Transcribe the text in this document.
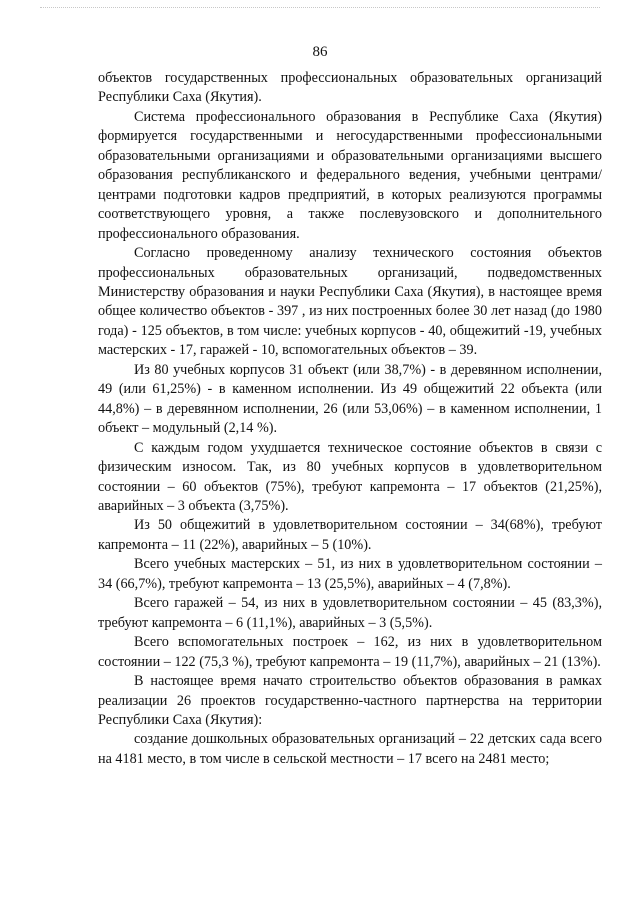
86

объектов государственных профессиональных образовательных организаций Республики Саха (Якутия).

Система профессионального образования в Республике Саха (Якутия) формируется государственными и негосударственными профессиональными образовательными организациями и образовательными организациями высшего образования республиканского и федерального ведения, учебными центрами/центрами подготовки кадров предприятий, в которых реализуются программы соответствующего уровня, а также послевузовского и дополнительного профессионального образования.

Согласно проведенному анализу технического состояния объектов профессиональных образовательных организаций, подведомственных Министерству образования и науки Республики Саха (Якутия), в настоящее время общее количество объектов - 397 , из них построенных более 30 лет назад (до 1980 года) - 125 объектов, в том числе: учебных корпусов - 40, общежитий -19, учебных мастерских - 17, гаражей - 10, вспомогательных объектов – 39.

Из 80 учебных корпусов 31 объект (или 38,7%) - в деревянном исполнении, 49 (или 61,25%) - в каменном исполнении. Из 49 общежитий 22 объекта (или 44,8%) – в деревянном исполнении, 26 (или 53,06%) – в каменном исполнении, 1 объект – модульный (2,14 %).

С каждым годом ухудшается техническое состояние объектов в связи с физическим износом. Так, из 80 учебных корпусов в удовлетворительном состоянии – 60 объектов (75%), требуют капремонта – 17 объектов (21,25%), аварийных – 3 объекта (3,75%).

Из 50 общежитий в удовлетворительном состоянии – 34(68%), требуют капремонта – 11 (22%), аварийных – 5 (10%).

Всего учебных мастерских – 51, из них в удовлетворительном состоянии – 34 (66,7%), требуют капремонта – 13 (25,5%), аварийных – 4 (7,8%).

Всего гаражей – 54, из них в удовлетворительном состоянии – 45 (83,3%), требуют капремонта – 6 (11,1%), аварийных – 3 (5,5%).

Всего вспомогательных построек – 162, из них в удовлетворительном состоянии – 122 (75,3 %), требуют капремонта – 19 (11,7%), аварийных – 21 (13%).

В настоящее время начато строительство объектов образования в рамках реализации 26 проектов государственно-частного партнерства на территории Республики Саха (Якутия):

создание дошкольных образовательных организаций – 22 детских сада всего на 4181 место, в том числе в сельской местности – 17 всего на 2481 место;
